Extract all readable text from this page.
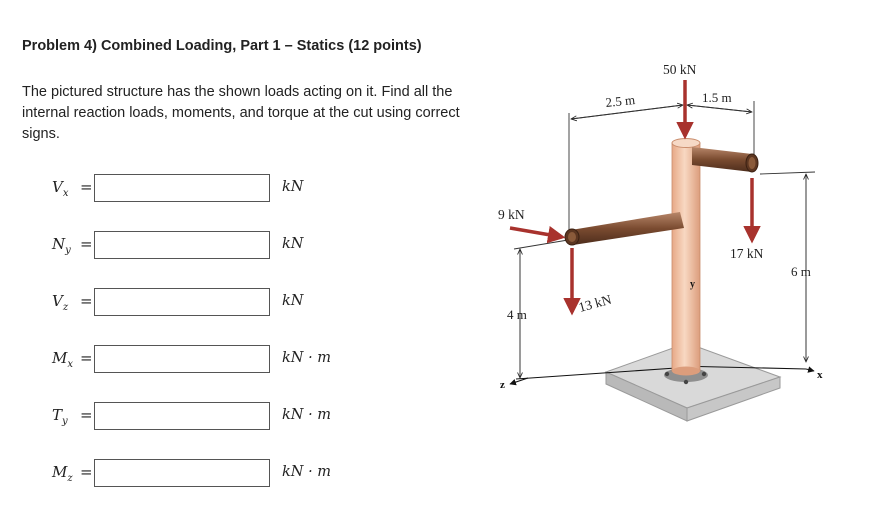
Problem 4) Combined Loading, Part 1 – Statics (12 points)
The pictured structure has the shown loads acting on it. Find all the internal reaction loads, moments, and torque at the cut using correct signs.
$V_x$ =	kN
$N_y$ =	kN
$V_z$ =	kN
$M_x$ =	kN · m
$T_y$ =	kN · m
$M_z$ =	kN · m
50 kN
17 kN
9 kN
13 kN
2.5 m	1.5 m
6 m
4 m
x
z
y
